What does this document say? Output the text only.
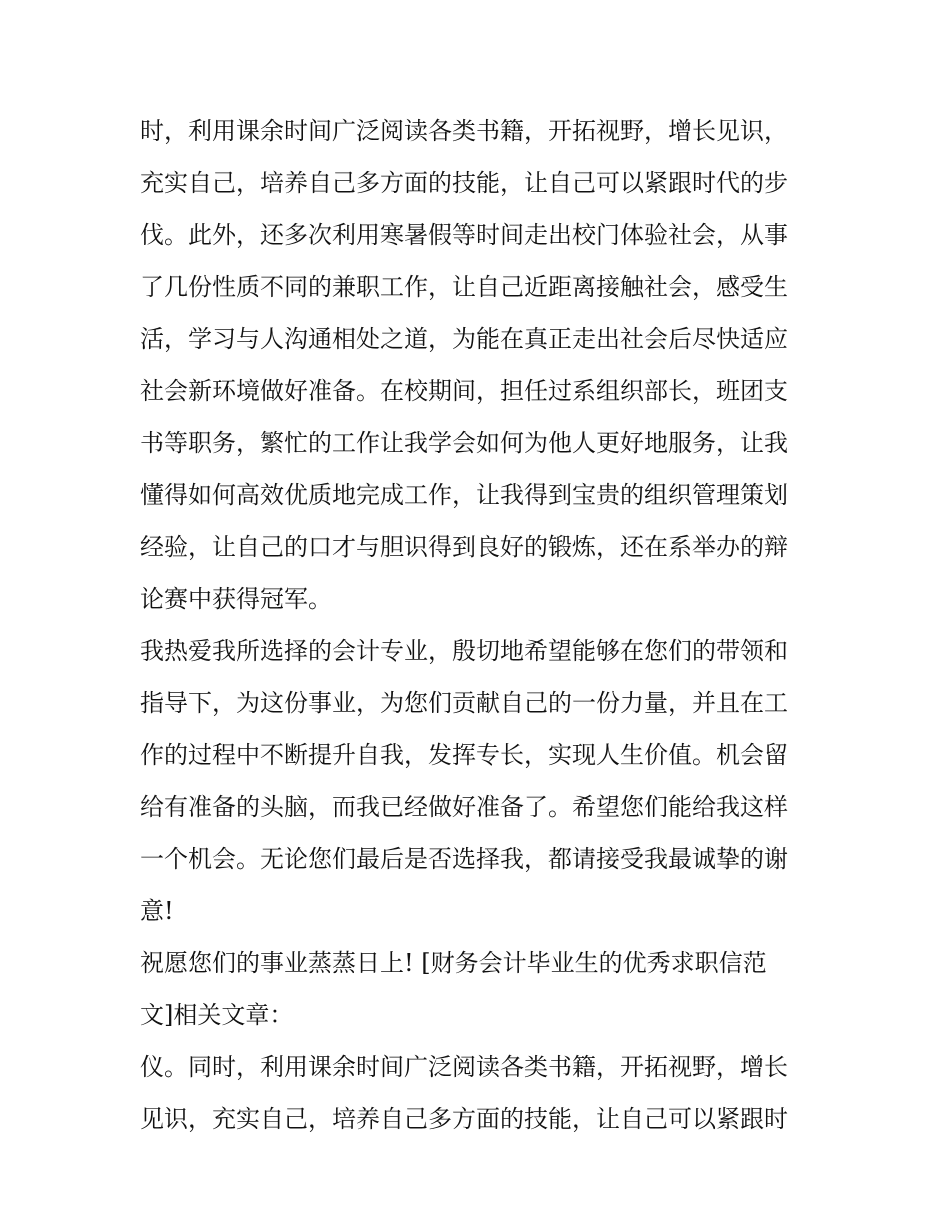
时，利用课余时间广泛阅读各类书籍，开拓视野，增长见识，
充实自己，培养自己多方面的技能，让自己可以紧跟时代的步
伐。此外，还多次利用寒暑假等时间走出校门体验社会，从事
了几份性质不同的兼职工作，让自己近距离接触社会，感受生
活，学习与人沟通相处之道，为能在真正走出社会后尽快适应
社会新环境做好准备。在校期间，担任过系组织部长，班团支
书等职务，繁忙的工作让我学会如何为他人更好地服务，让我
懂得如何高效优质地完成工作，让我得到宝贵的组织管理策划
经验，让自己的口才与胆识得到良好的锻炼，还在系举办的辩
论赛中获得冠军。
我热爱我所选择的会计专业，殷切地希望能够在您们的带领和
指导下，为这份事业，为您们贡献自己的一份力量，并且在工
作的过程中不断提升自我，发挥专长，实现人生价值。机会留
给有准备的头脑，而我已经做好准备了。希望您们能给我这样
一个机会。无论您们最后是否选择我，都请接受我最诚挚的谢
意!
祝愿您们的事业蒸蒸日上! [财务会计毕业生的优秀求职信范
文]相关文章：
仪。同时，利用课余时间广泛阅读各类书籍，开拓视野，增长
见识，充实自己，培养自己多方面的技能，让自己可以紧跟时
